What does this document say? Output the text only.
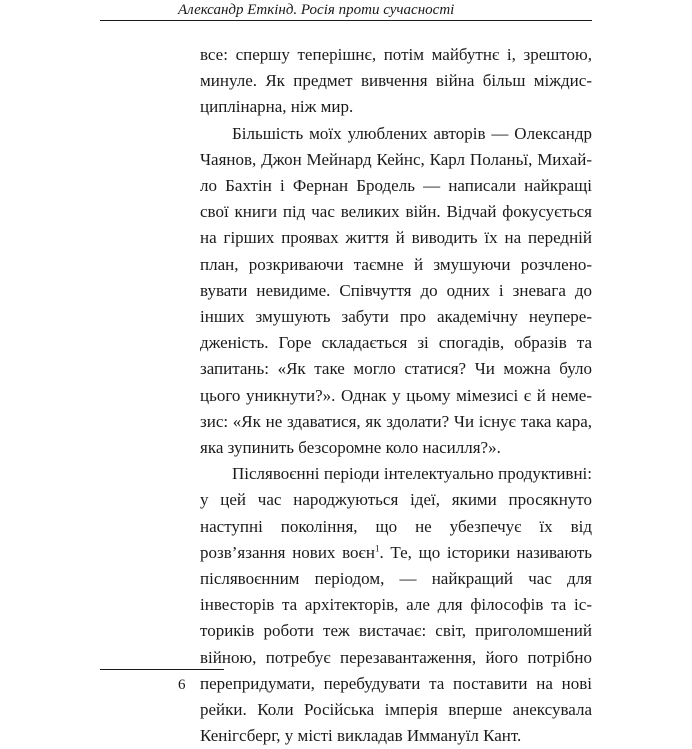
Александр Еткінд. Росія проти сучасності

все: спершу теперішнє, потім майбутнє і, зрештою, минуле. Як предмет вивчення війна більш міждисциплінарна, ніж мир.

Більшість моїх улюблених авторів — Олександр Чаянов, Джон Мейнард Кейнс, Карл Поланьї, Михайло Бахтін і Фернан Бродель — написали найкращі свої книги під час великих війн. Відчай фокусується на гірших проявах життя й виводить їх на передній план, розкриваючи таємне й змушуючи розчленовувати невидиме. Співчуття до одних і зневага до інших змушують забути про академічну неупередженість. Горе складається зі спогадів, образів та запитань: «Як таке могло статися? Чи можна було цього уникнути?». Однак у цьому мімезисі є й немезис: «Як не здаватися, як здолати? Чи існує така кара, яка зупинить безсоромне коло насилля?».

Післявоєнні періоди інтелектуально продуктивні: у цей час народжуються ідеї, якими просякнуто наступні покоління, що не убезпечує їх від розв’язання нових воєн$^1$. Те, що історики називають післявоєнним періодом, — найкращий час для інвесторів та архітекторів, але для філософів та істориків роботи теж вистачає: світ, приголомшений війною, потребує перезавантаження, його потрібно перепридумати, перебудувати та поставити на нові рейки. Коли Російська імперія вперше анексувала Кенігсберг, у місті викладав Иммануїл Кант.

6
